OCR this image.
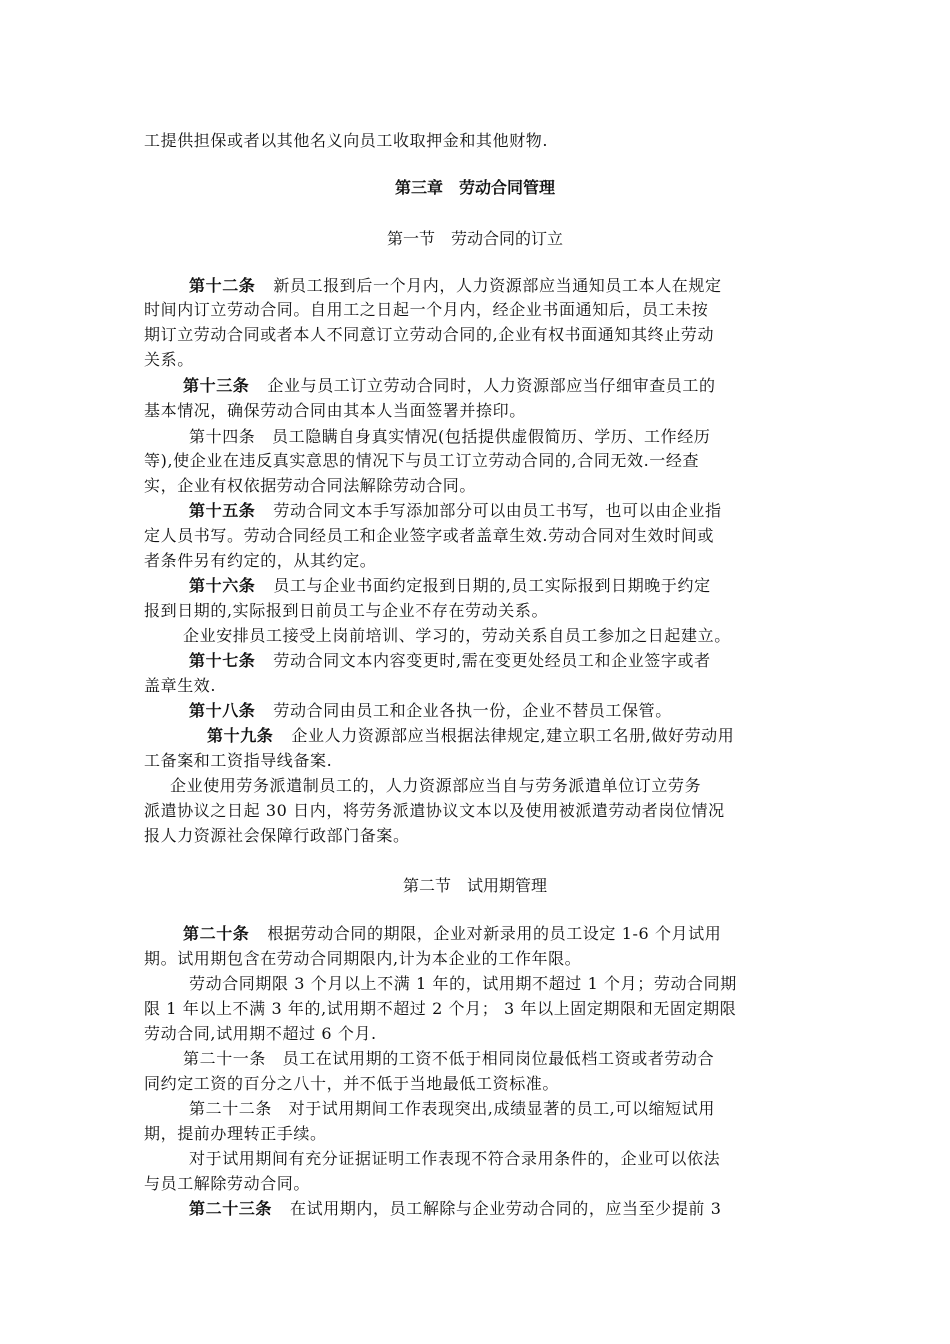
工提供担保或者以其他名义向员工收取押金和其他财物.
第三章　劳动合同管理
第一节　劳动合同的订立
第十二条 新员工报到后一个月内，人力资源部应当通知员工本人在规定
时间内订立劳动合同。自用工之日起一个月内，经企业书面通知后，员工未按
期订立劳动合同或者本人不同意订立劳动合同的,企业有权书面通知其终止劳动
关系。
第十三条 企业与员工订立劳动合同时，人力资源部应当仔细审查员工的
基本情况，确保劳动合同由其本人当面签署并捺印。
第十四条　员工隐瞒自身真实情况(包括提供虚假简历、学历、工作经历
等),使企业在违反真实意思的情况下与员工订立劳动合同的,合同无效.一经查
实，企业有权依据劳动合同法解除劳动合同。
第十五条 劳动合同文本手写添加部分可以由员工书写，也可以由企业指
定人员书写。劳动合同经员工和企业签字或者盖章生效.劳动合同对生效时间或
者条件另有约定的，从其约定。
第十六条 员工与企业书面约定报到日期的,员工实际报到日期晚于约定
报到日期的,实际报到日前员工与企业不存在劳动关系。
企业安排员工接受上岗前培训、学习的，劳动关系自员工参加之日起建立。
第十七条 劳动合同文本内容变更时,需在变更处经员工和企业签字或者
盖章生效.
第十八条 劳动合同由员工和企业各执一份，企业不替员工保管。
第十九条 企业人力资源部应当根据法律规定,建立职工名册,做好劳动用
工备案和工资指导线备案.
企业使用劳务派遣制员工的，人力资源部应当自与劳务派遣单位订立劳务
派遣协议之日起 30 日内，将劳务派遣协议文本以及使用被派遣劳动者岗位情况
报人力资源社会保障行政部门备案。
第二节　试用期管理
第二十条 根据劳动合同的期限，企业对新录用的员工设定 1-6 个月试用
期。试用期包含在劳动合同期限内,计为本企业的工作年限。
劳动合同期限 3 个月以上不满 1 年的，试用期不超过 1 个月；劳动合同期
限 1 年以上不满 3 年的,试用期不超过 2 个月； 3 年以上固定期限和无固定期限
劳动合同,试用期不超过 6 个月.
第二十一条　员工在试用期的工资不低于相同岗位最低档工资或者劳动合
同约定工资的百分之八十，并不低于当地最低工资标准。
第二十二条　对于试用期间工作表现突出,成绩显著的员工,可以缩短试用
期，提前办理转正手续。
对于试用期间有充分证据证明工作表现不符合录用条件的，企业可以依法
与员工解除劳动合同。
第二十三条 在试用期内，员工解除与企业劳动合同的，应当至少提前 3
